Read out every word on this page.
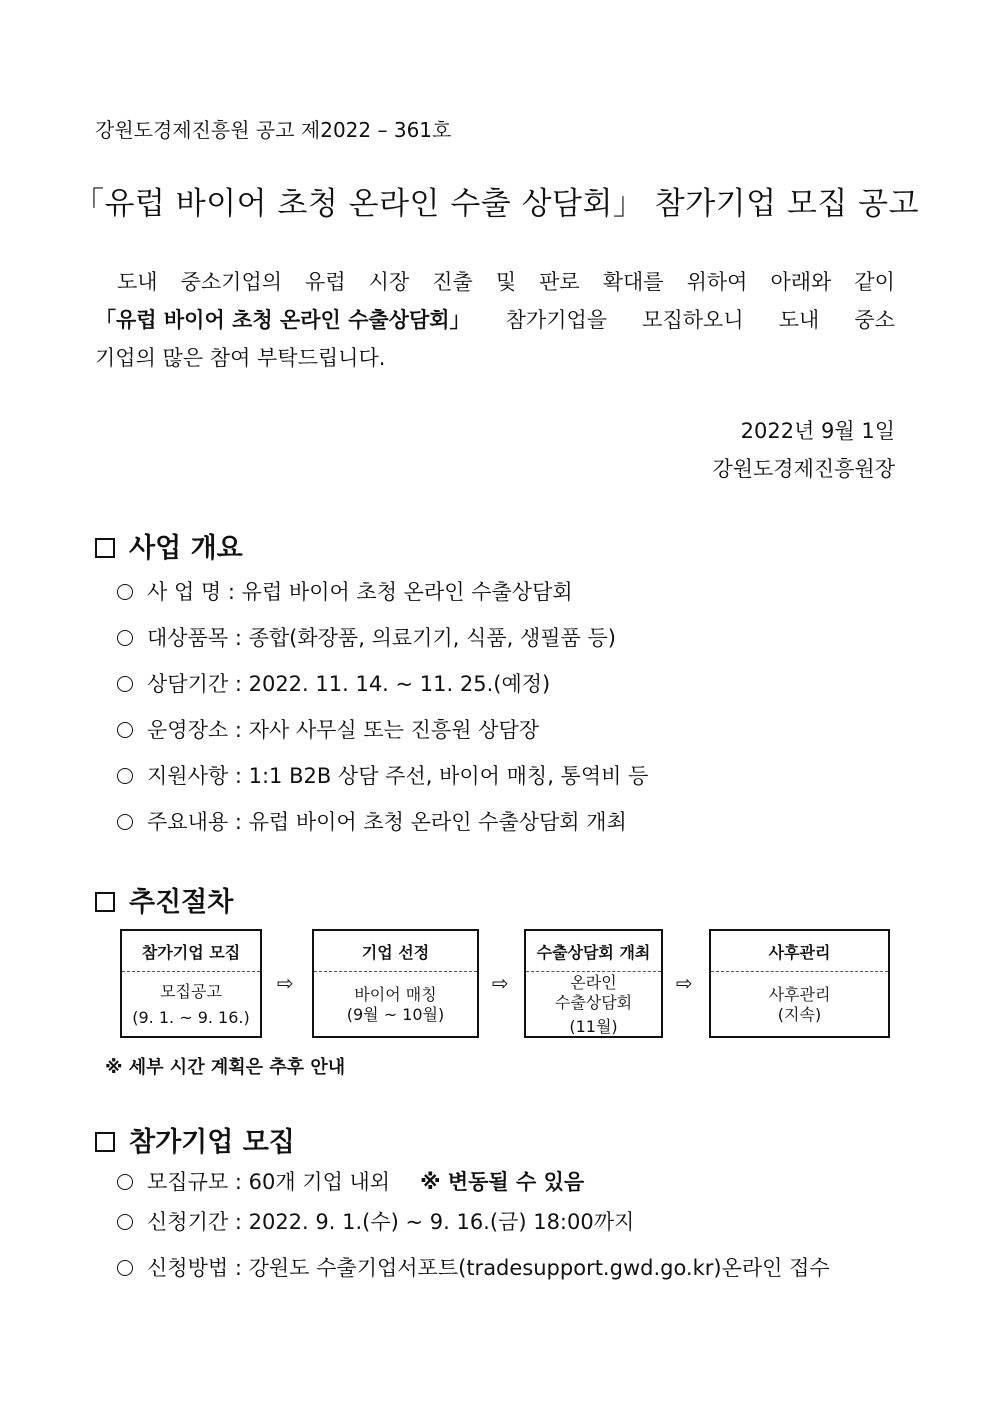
강원도경제진흥원 공고 제2022 – 361호
「유럽 바이어 초청 온라인 수출 상담회」 참가기업 모집 공고
도내 중소기업의 유럽 시장 진출 및 판로 확대를 위하여 아래와 같이
「유럽 바이어 초청 온라인 수출상담회」 참가기업을 모집하오니 도내 중소
기업의 많은 참여 부탁드립니다.
2022년 9월 1일
강원도경제진흥원장
사업 개요
사 업 명 : 유럽 바이어 초청 온라인 수출상담회
대상품목 : 종합(화장품, 의료기기, 식품, 생필품 등)
상담기간 : 2022. 11. 14. ~ 11. 25.(예정)
운영장소 : 자사 사무실 또는 진흥원 상담장
지원사항 : 1:1 B2B 상담 주선, 바이어 매칭, 통역비 등
주요내용 : 유럽 바이어 초청 온라인 수출상담회 개최
추진절차
참가기업 모집
모집공고
(9. 1. ~ 9. 16.)
⇨
기업 선정
바이어 매칭
(9월 ~ 10월)
⇨
수출상담회 개최
온라인
수출상담회
(11월)
⇨
사후관리
사후관리
(지속)
※ 세부 시간 계획은 추후 안내
참가기업 모집
모집규모 : 60개 기업 내외 ※ 변동될 수 있음
신청기간 : 2022. 9. 1.(수) ~ 9. 16.(금) 18:00까지
신청방법 : 강원도 수출기업서포트(tradesupport.gwd.go.kr)온라인 접수
